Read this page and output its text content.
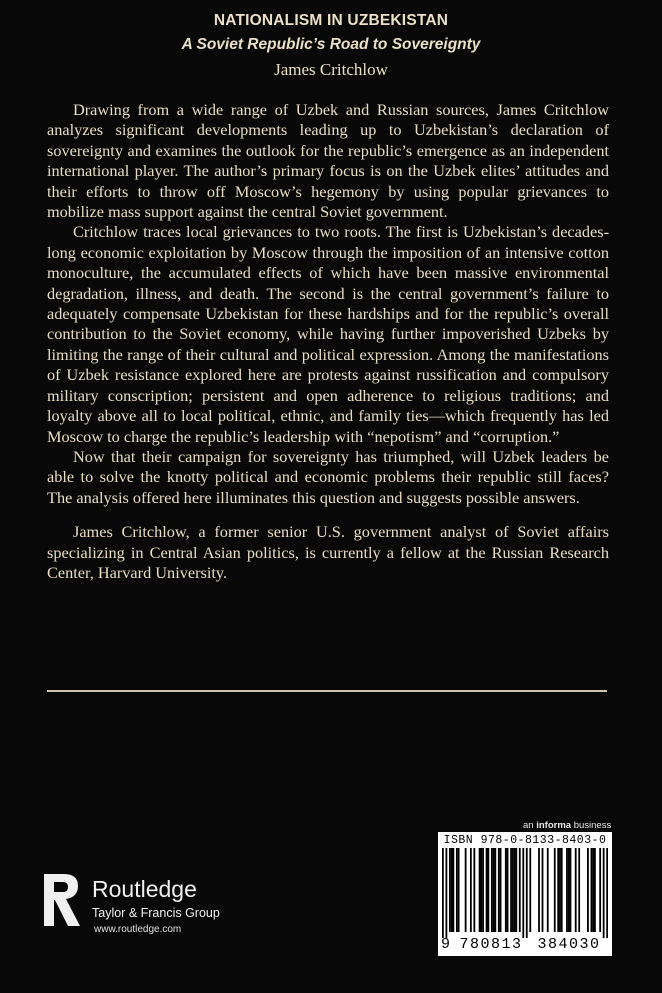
NATIONALISM IN UZBEKISTAN
A Soviet Republic’s Road to Sovereignty
James Critchlow

Drawing from a wide range of Uzbek and Russian sources, James Critchlow analyzes significant developments leading up to Uzbekistan’s declaration of sovereignty and examines the outlook for the republic’s emergence as an independent international player. The author’s primary focus is on the Uzbek elites’ attitudes and their efforts to throw off Moscow’s hegemony by using popular grievances to mobilize mass support against the central Soviet government.

Critchlow traces local grievances to two roots. The first is Uzbekistan’s decades-long economic exploitation by Moscow through the imposition of an intensive cotton monoculture, the accumulated effects of which have been massive environmental degradation, illness, and death. The second is the central government’s failure to adequately compensate Uzbekistan for these hardships and for the republic’s overall contribution to the Soviet economy, while having further impoverished Uzbeks by limiting the range of their cultural and political expression. Among the manifestations of Uzbek resistance explored here are protests against russification and compulsory military conscription; persistent and open adherence to religious traditions; and loyalty above all to local political, ethnic, and family ties—which frequently has led Moscow to charge the republic’s leadership with “nepotism” and “corruption.”

Now that their campaign for sovereignty has triumphed, will Uzbek leaders be able to solve the knotty political and economic problems their republic still faces? The analysis offered here illuminates this question and suggests possible answers.

James Critchlow, a former senior U.S. government analyst of Soviet affairs specializing in Central Asian politics, is currently a fellow at the Russian Research Center, Harvard University.

an informa business
ISBN 978-0-8133-8403-0
9 780813 384030
Routledge
Taylor & Francis Group
www.routledge.com
